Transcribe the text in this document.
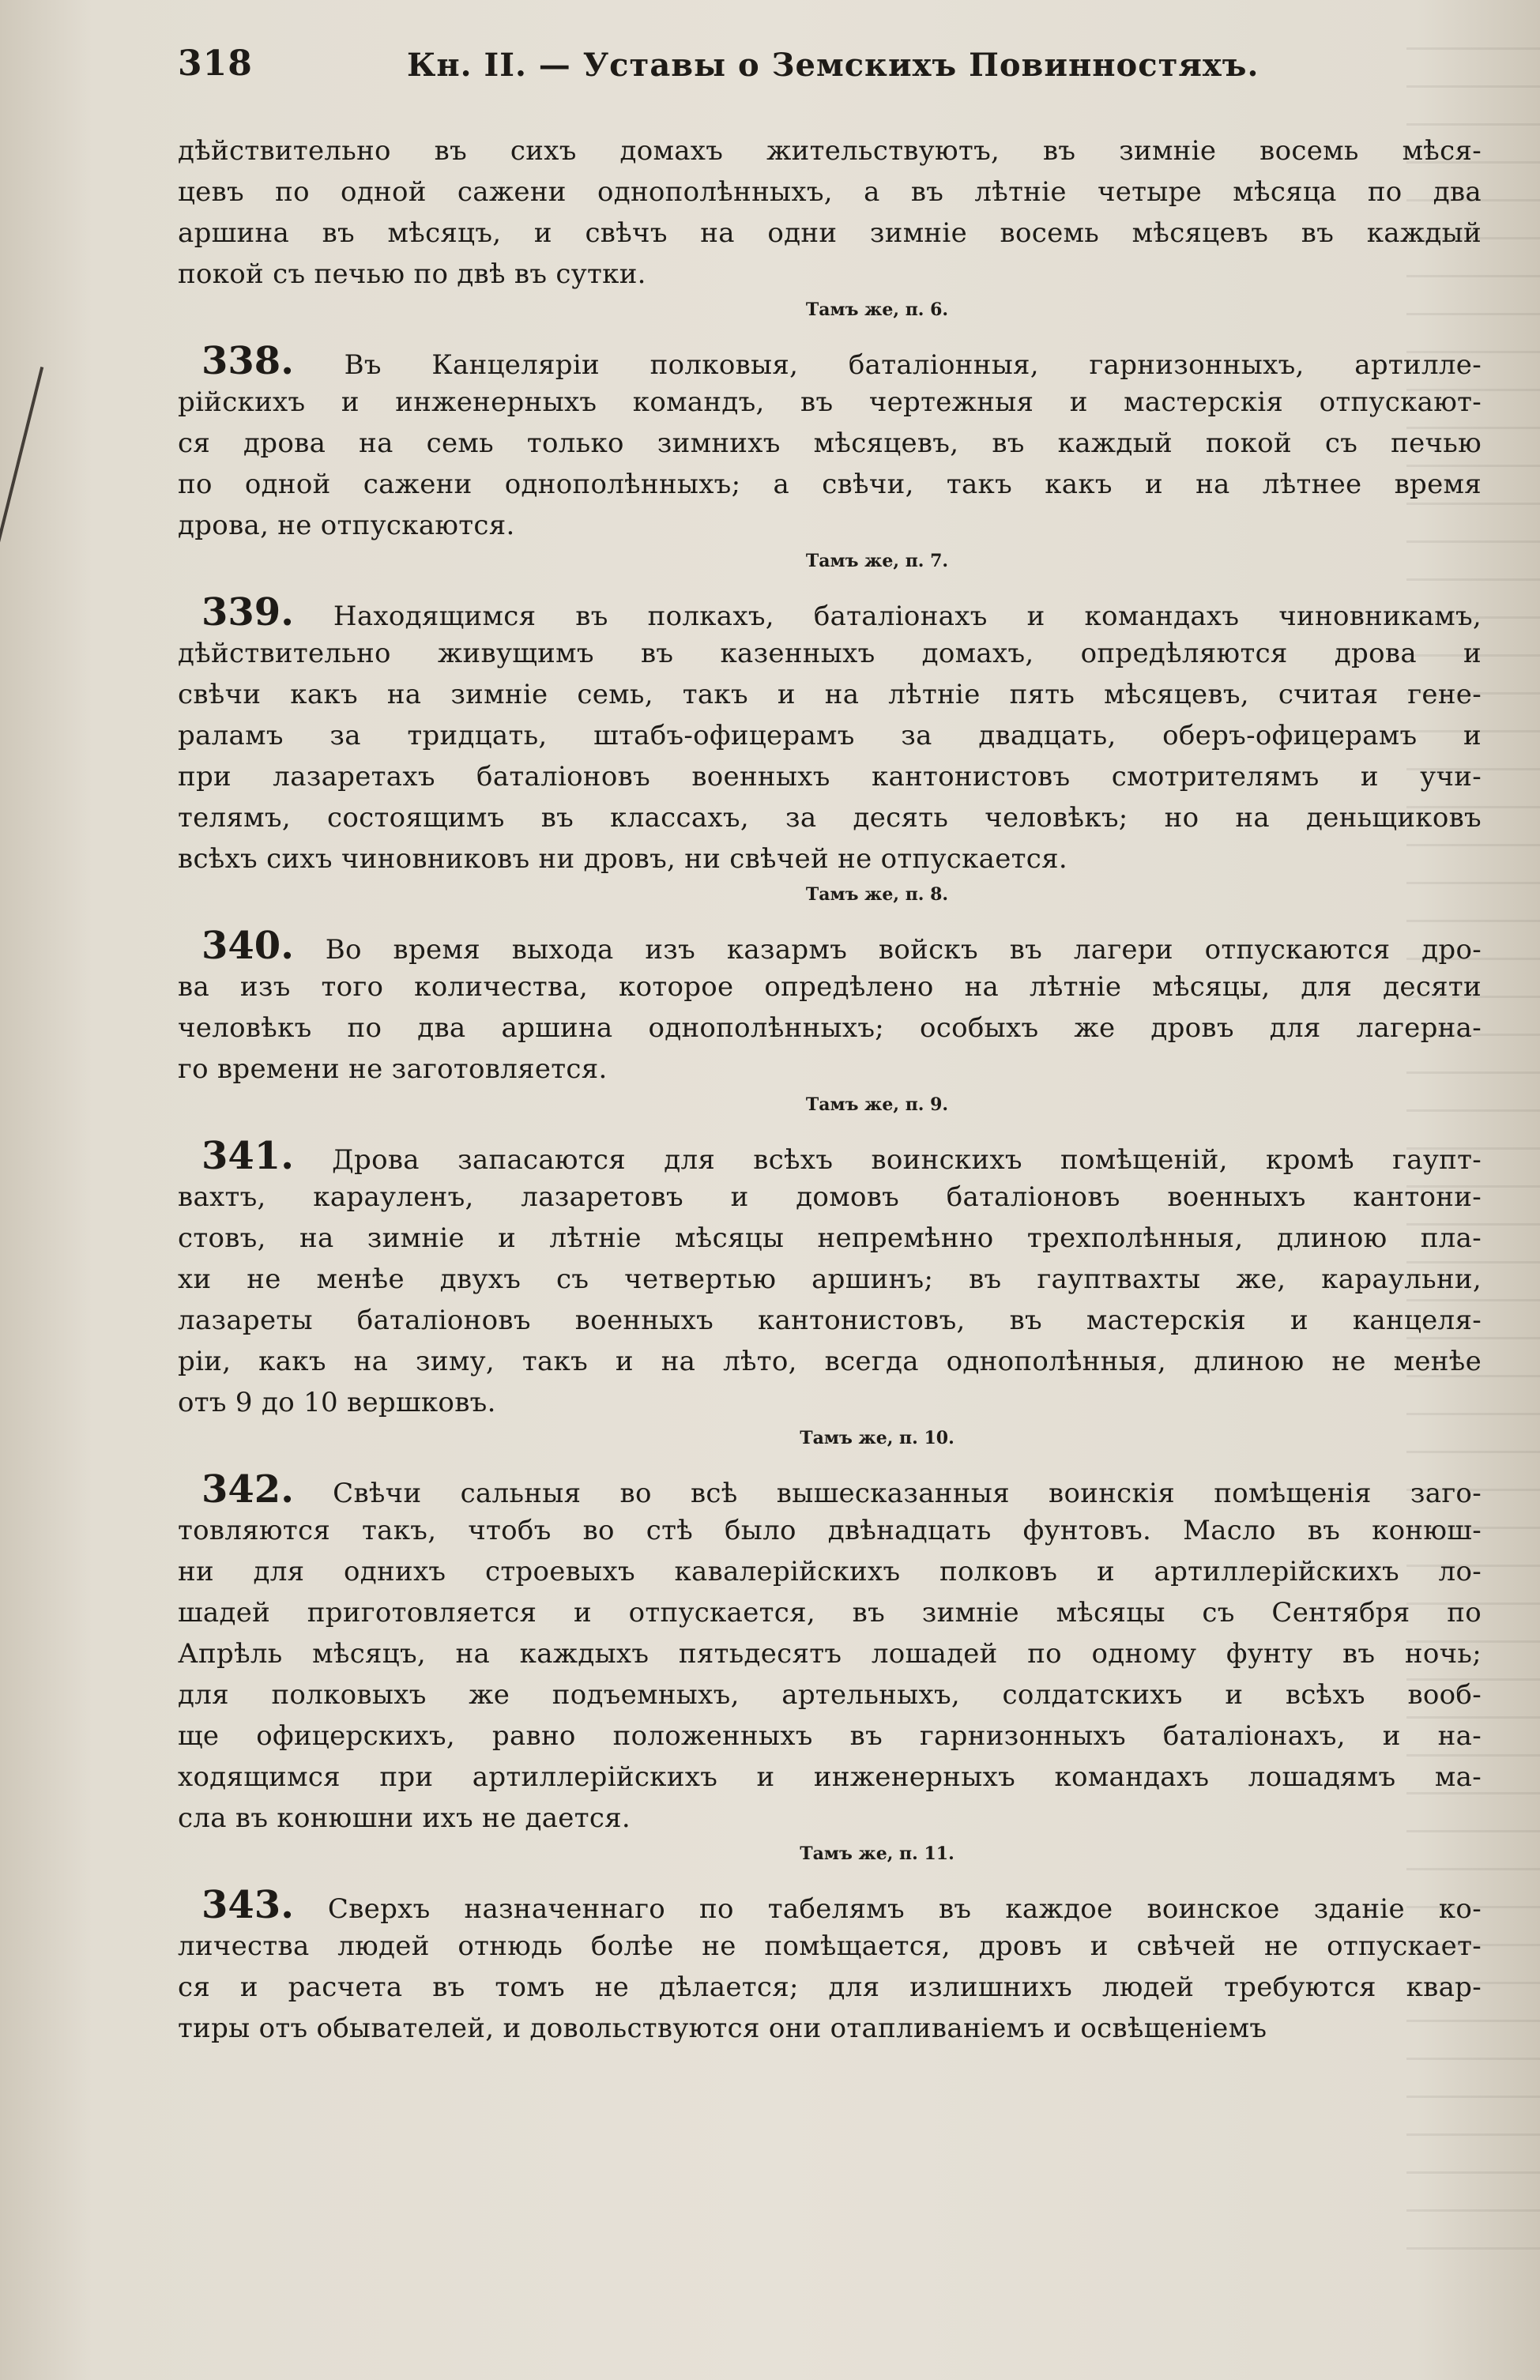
318	Кн. II. — Уставы о Земскихъ Повинностяхъ.
дѣйствительно въ сихъ домахъ жительствуютъ, въ зимніе восемь мѣся-
цевъ по одной сажени однополѣнныхъ, а въ лѣтніе четыре мѣсяца по два
аршина въ мѣсяцъ, и свѣчъ на одни зимніе восемь мѣсяцевъ въ каждый
покой съ печью по двѣ въ сутки.
Тамъ же, п. 6.
338. Въ Канцеляріи полковыя, баталіонныя, гарнизонныхъ, артилле-
рійскихъ и инженерныхъ командъ, въ чертежныя и мастерскія отпускают-
ся дрова на семь только зимнихъ мѣсяцевъ, въ каждый покой съ печью
по одной сажени однополѣнныхъ; а свѣчи, такъ какъ и на лѣтнее время
дрова, не отпускаются.
Тамъ же, п. 7.
339. Находящимся въ полкахъ, баталіонахъ и командахъ чиновникамъ,
дѣйствительно живущимъ въ казенныхъ домахъ, опредѣляются дрова и
свѣчи какъ на зимніе семь, такъ и на лѣтніе пять мѣсяцевъ, считая гене-
раламъ за тридцать, штабъ-офицерамъ за двадцать, оберъ-офицерамъ и
при лазаретахъ баталіоновъ военныхъ кантонистовъ смотрителямъ и учи-
телямъ, состоящимъ въ классахъ, за десять человѣкъ; но на деньщиковъ
всѣхъ сихъ чиновниковъ ни дровъ, ни свѣчей не отпускается.
Тамъ же, п. 8.
340. Во время выхода изъ казармъ войскъ въ лагери отпускаются дро-
ва изъ того количества, которое опредѣлено на лѣтніе мѣсяцы, для десяти
человѣкъ по два аршина однополѣнныхъ; особыхъ же дровъ для лагерна-
го времени не заготовляется.
Тамъ же, п. 9.
341. Дрова запасаются для всѣхъ воинскихъ помѣщеній, кромѣ гаупт-
вахтъ, карауленъ, лазаретовъ и домовъ баталіоновъ военныхъ кантони-
стовъ, на зимніе и лѣтніе мѣсяцы непремѣнно трехполѣнныя, длиною пла-
хи не менѣе двухъ съ четвертью аршинъ; въ гауптвахты же, караульни,
лазареты баталіоновъ военныхъ кантонистовъ, въ мастерскія и канцеля-
ріи, какъ на зиму, такъ и на лѣто, всегда однополѣнныя, длиною не менѣе
отъ 9 до 10 вершковъ.
Тамъ же, п. 10.
342. Свѣчи сальныя во всѣ вышесказанныя воинскія помѣщенія заго-
товляются такъ, чтобъ во стѣ было двѣнадцать фунтовъ. Масло въ конюш-
ни для однихъ строевыхъ кавалерійскихъ полковъ и артиллерійскихъ ло-
шадей приготовляется и отпускается, въ зимніе мѣсяцы съ Сентября по
Апрѣль мѣсяцъ, на каждыхъ пятьдесятъ лошадей по одному фунту въ ночь;
для полковыхъ же подъемныхъ, артельныхъ, солдатскихъ и всѣхъ вооб-
ще офицерскихъ, равно положенныхъ въ гарнизонныхъ баталіонахъ, и на-
ходящимся при артиллерійскихъ и инженерныхъ командахъ лошадямъ ма-
сла въ конюшни ихъ не дается.
Тамъ же, п. 11.
343. Сверхъ назначеннаго по табелямъ въ каждое воинское зданіе ко-
личества людей отнюдь болѣе не помѣщается, дровъ и свѣчей не отпускает-
ся и расчета въ томъ не дѣлается; для излишнихъ людей требуются квар-
тиры отъ обывателей, и довольствуются они отапливаніемъ и освѣщеніемъ
